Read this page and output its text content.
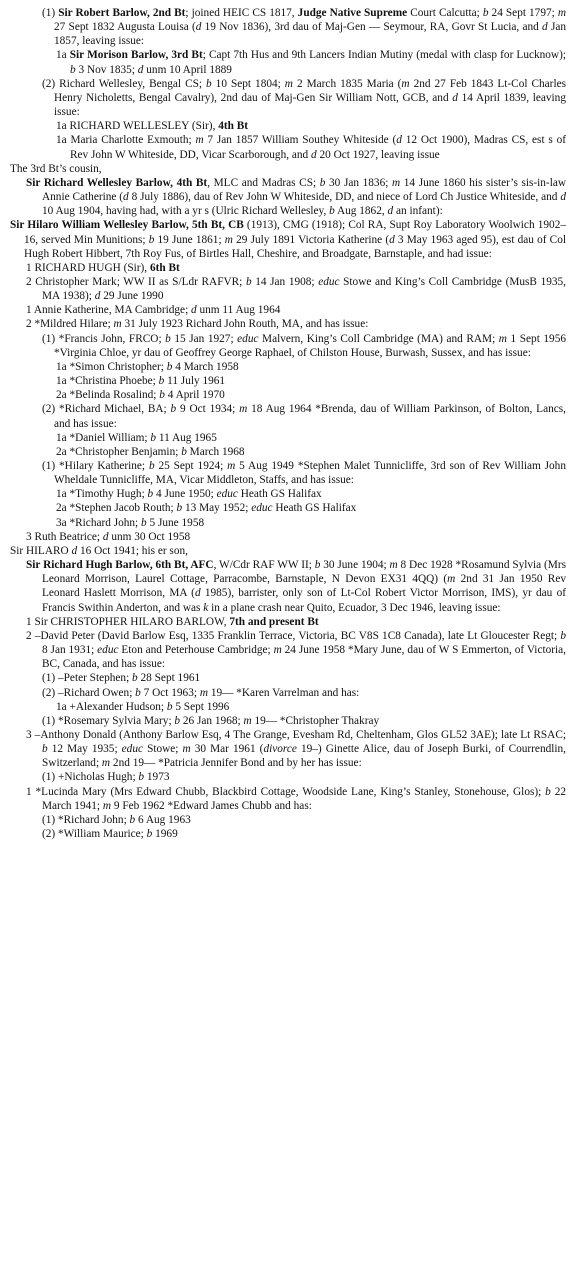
(1) Sir Robert Barlow, 2nd Bt; joined HEIC CS 1817, Judge Native Supreme Court Calcutta; b 24 Sept 1797; m 27 Sept 1832 Augusta Louisa (d 19 Nov 1836), 3rd dau of Maj-Gen — Seymour, RA, Govr St Lucia, and d Jan 1857, leaving issue:

1a Sir Morison Barlow, 3rd Bt; Capt 7th Hus and 9th Lancers Indian Mutiny (medal with clasp for Lucknow); b 3 Nov 1835; d unm 10 April 1889

(2) Richard Wellesley, Bengal CS; b 10 Sept 1804; m 2 March 1835 Maria (m 2nd 27 Feb 1843 Lt-Col Charles Henry Nicholetts, Bengal Cavalry), 2nd dau of Maj-Gen Sir William Nott, GCB, and d 14 April 1839, leaving issue:

1a RICHARD WELLESLEY (Sir), 4th Bt

1a Maria Charlotte Exmouth; m 7 Jan 1857 William Southey Whiteside (d 12 Oct 1900), Madras CS, est s of Rev John W Whiteside, DD, Vicar Scarborough, and d 20 Oct 1927, leaving issue

The 3rd Bt’s cousin,

Sir Richard Wellesley Barlow, 4th Bt, MLC and Madras CS; b 30 Jan 1836; m 14 June 1860 his sister’s sis-in-law Annie Catherine (d 8 July 1886), dau of Rev John W Whiteside, DD, and niece of Lord Ch Justice Whiteside, and d 10 Aug 1904, having had, with a yr s (Ulric Richard Wellesley, b Aug 1862, d an infant):

Sir Hilaro William Wellesley Barlow, 5th Bt, CB (1913), CMG (1918); Col RA, Supt Roy Laboratory Woolwich 1902–16, served Min Munitions; b 19 June 1861; m 29 July 1891 Victoria Katherine (d 3 May 1963 aged 95), est dau of Col Hugh Robert Hibbert, 7th Roy Fus, of Birtles Hall, Cheshire, and Broadgate, Barnstaple, and had issue:

1 RICHARD HUGH (Sir), 6th Bt

2 Christopher Mark; WW II as S/Ldr RAFVR; b 14 Jan 1908; educ Stowe and King’s Coll Cambridge (MusB 1935, MA 1938); d 29 June 1990

1 Annie Katherine, MA Cambridge; d unm 11 Aug 1964

2 *Mildred Hilare; m 31 July 1923 Richard John Routh, MA, and has issue:

(1) *Francis John, FRCO; b 15 Jan 1927; educ Malvern, King’s Coll Cambridge (MA) and RAM; m 1 Sept 1956 *Virginia Chloe, yr dau of Geoffrey George Raphael, of Chilston House, Burwash, Sussex, and has issue:

1a *Simon Christopher; b 4 March 1958

1a *Christina Phoebe; b 11 July 1961

2a *Belinda Rosalind; b 4 April 1970

(2) *Richard Michael, BA; b 9 Oct 1934; m 18 Aug 1964 *Brenda, dau of William Parkinson, of Bolton, Lancs, and has issue:

1a *Daniel William; b 11 Aug 1965

2a *Christopher Benjamin; b March 1968

(1) *Hilary Katherine; b 25 Sept 1924; m 5 Aug 1949 *Stephen Malet Tunnicliffe, 3rd son of Rev William John Wheldale Tunnicliffe, MA, Vicar Middleton, Staffs, and has issue:

1a *Timothy Hugh; b 4 June 1950; educ Heath GS Halifax

2a *Stephen Jacob Routh; b 13 May 1952; educ Heath GS Halifax

3a *Richard John; b 5 June 1958

3 Ruth Beatrice; d unm 30 Oct 1958

Sir HILARO d 16 Oct 1941; his er son,

Sir Richard Hugh Barlow, 6th Bt, AFC, W/Cdr RAF WW II; b 30 June 1904; m 8 Dec 1928 *Rosamund Sylvia (Mrs Leonard Morrison, Laurel Cottage, Parracombe, Barnstaple, N Devon EX31 4QQ) (m 2nd 31 Jan 1950 Rev Leonard Haslett Morrison, MA (d 1985), barrister, only son of Lt-Col Robert Victor Morrison, IMS), yr dau of Francis Swithin Anderton, and was k in a plane crash near Quito, Ecuador, 3 Dec 1946, leaving issue:

1 Sir CHRISTOPHER HILARO BARLOW, 7th and present Bt

2 –David Peter (David Barlow Esq, 1335 Franklin Terrace, Victoria, BC V8S 1C8 Canada), late Lt Gloucester Regt; b 8 Jan 1931; educ Eton and Peterhouse Cambridge; m 24 June 1958 *Mary June, dau of W S Emmerton, of Victoria, BC, Canada, and has issue:

(1) –Peter Stephen; b 28 Sept 1961

(2) –Richard Owen; b 7 Oct 1963; m 19— *Karen Varrelman and has:

1a +Alexander Hudson; b 5 Sept 1996

(1) *Rosemary Sylvia Mary; b 26 Jan 1968; m 19— *Christopher Thakray

3 –Anthony Donald (Anthony Barlow Esq, 4 The Grange, Evesham Rd, Cheltenham, Glos GL52 3AE); late Lt RSAC; b 12 May 1935; educ Stowe; m 30 Mar 1961 (divorce 19–) Ginette Alice, dau of Joseph Burki, of Courrendlin, Switzerland; m 2nd 19— *Patricia Jennifer Bond and by her has issue:

(1) +Nicholas Hugh; b 1973

1 *Lucinda Mary (Mrs Edward Chubb, Blackbird Cottage, Woodside Lane, King’s Stanley, Stonehouse, Glos); b 22 March 1941; m 9 Feb 1962 *Edward James Chubb and has:

(1) *Richard John; b 6 Aug 1963

(2) *William Maurice; b 1969
